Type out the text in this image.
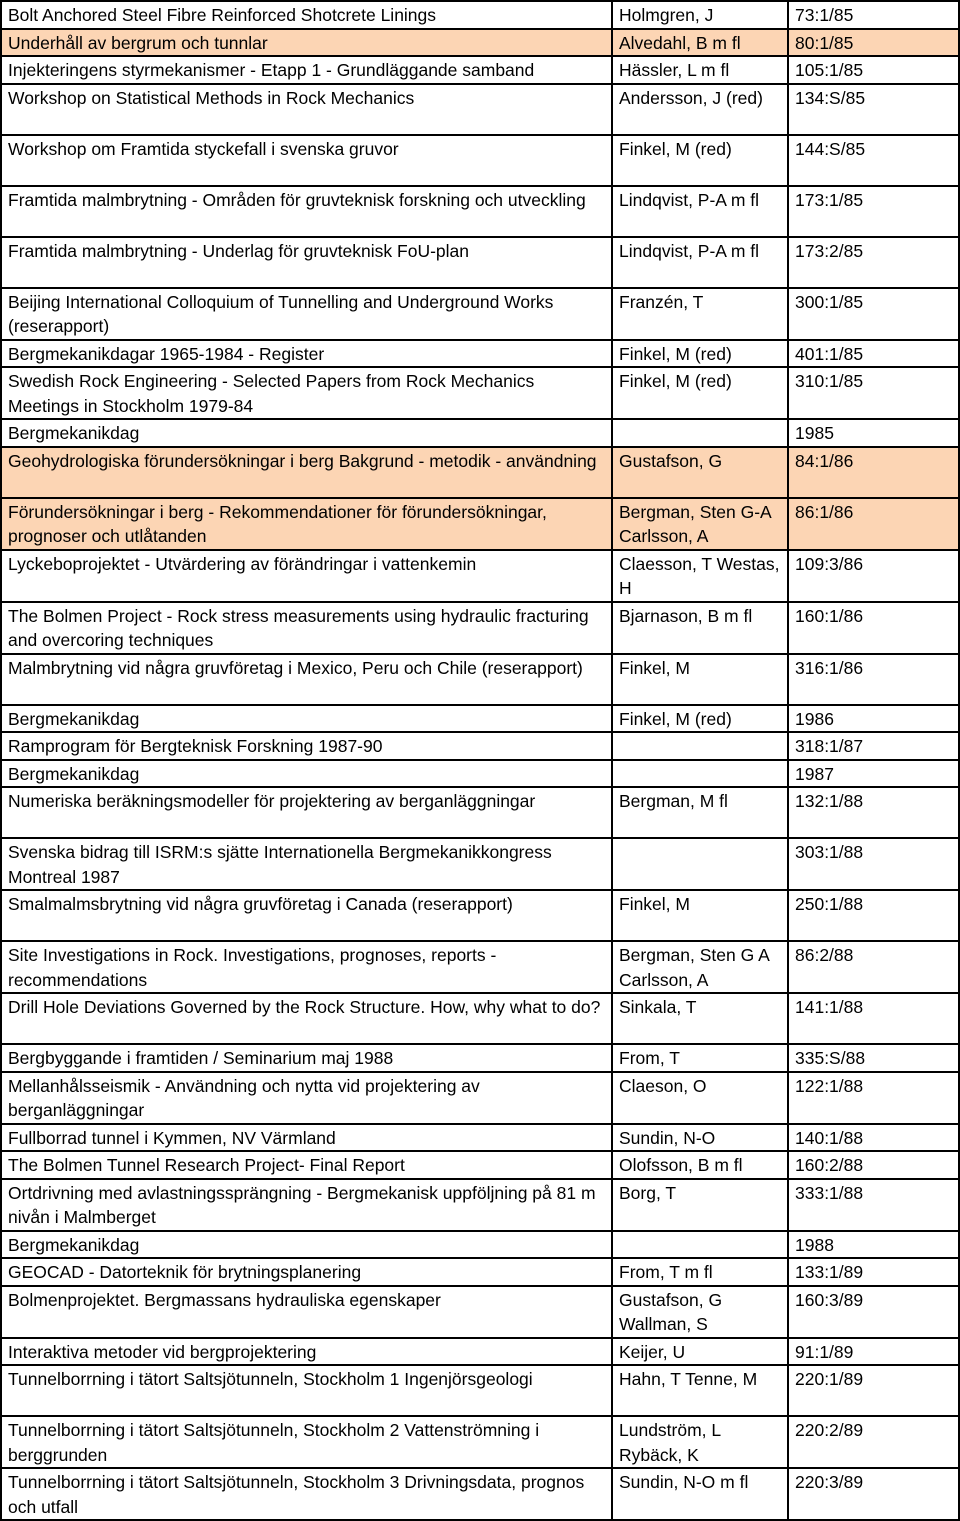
Bolt Anchored Steel Fibre Reinforced Shotcrete Linings	Holmgren, J	73:1/85
Underhåll av bergrum och tunnlar	Alvedahl, B m fl	80:1/85
Injekteringens styrmekanismer - Etapp 1 - Grundläggande samband	Hässler, L m fl	105:1/85
Workshop on Statistical Methods in Rock Mechanics	Andersson, J (red)	134:S/85
Workshop om Framtida styckefall i svenska gruvor	Finkel, M (red)	144:S/85
Framtida malmbrytning - Områden för gruvteknisk forskning och utveckling	Lindqvist, P-A m fl	173:1/85
Framtida malmbrytning - Underlag för gruvteknisk FoU-plan	Lindqvist, P-A m fl	173:2/85
Beijing International Colloquium of Tunnelling and Underground Works (reserapport)	Franzén, T	300:1/85
Bergmekanikdagar 1965-1984 - Register	Finkel, M (red)	401:1/85
Swedish Rock Engineering - Selected Papers from Rock Mechanics Meetings in Stockholm 1979-84	Finkel, M (red)	310:1/85
Bergmekanikdag		1985
Geohydrologiska förundersökningar i berg Bakgrund - metodik - användning	Gustafson, G	84:1/86
Förundersökningar i berg - Rekommendationer för förundersökningar, prognoser och utlåtanden	Bergman, Sten G-A Carlsson, A	86:1/86
Lyckeboprojektet - Utvärdering av förändringar i vattenkemin	Claesson, T Westas, H	109:3/86
The Bolmen Project - Rock stress measurements using hydraulic fracturing and overcoring techniques	Bjarnason, B m fl	160:1/86
Malmbrytning vid några gruvföretag i Mexico, Peru och Chile (reserapport)	Finkel, M	316:1/86
Bergmekanikdag	Finkel, M (red)	1986
Ramprogram för Bergteknisk Forskning 1987-90		318:1/87
Bergmekanikdag		1987
Numeriska beräkningsmodeller för projektering av berganläggningar	Bergman, M fl	132:1/88
Svenska bidrag till ISRM:s sjätte Internationella Bergmekanikkongress Montreal 1987		303:1/88
Smalmalmsbrytning vid några gruvföretag i Canada (reserapport)	Finkel, M	250:1/88
Site Investigations in Rock. Investigations, prognoses, reports - recommendations	Bergman, Sten G A Carlsson, A	86:2/88
Drill Hole Deviations Governed by the Rock Structure. How, why what to do?	Sinkala, T	141:1/88
Bergbyggande i framtiden / Seminarium maj 1988	From, T	335:S/88
Mellanhålsseismik - Användning och nytta vid projektering av berganläggningar	Claeson, O	122:1/88
Fullborrad tunnel i Kymmen, NV Värmland	Sundin, N-O	140:1/88
The Bolmen Tunnel Research Project- Final Report	Olofsson, B m fl	160:2/88
Ortdrivning med avlastningssprängning - Bergmekanisk uppföljning på 81 m nivån i Malmberget	Borg, T	333:1/88
Bergmekanikdag		1988
GEOCAD - Datorteknik för brytningsplanering	From, T m fl	133:1/89
Bolmenprojektet. Bergmassans hydrauliska egenskaper	Gustafson, G Wallman, S	160:3/89
Interaktiva metoder vid bergprojektering	Keijer, U	91:1/89
Tunnelborrning i tätort Saltsjötunneln, Stockholm 1 Ingenjörsgeologi	Hahn, T Tenne, M	220:1/89
Tunnelborrning i tätort Saltsjötunneln, Stockholm 2 Vattenströmning i berggrunden	Lundström, L Rybäck, K	220:2/89
Tunnelborrning i tätort Saltsjötunneln, Stockholm 3 Drivningsdata, prognos och utfall	Sundin, N-O m fl	220:3/89
